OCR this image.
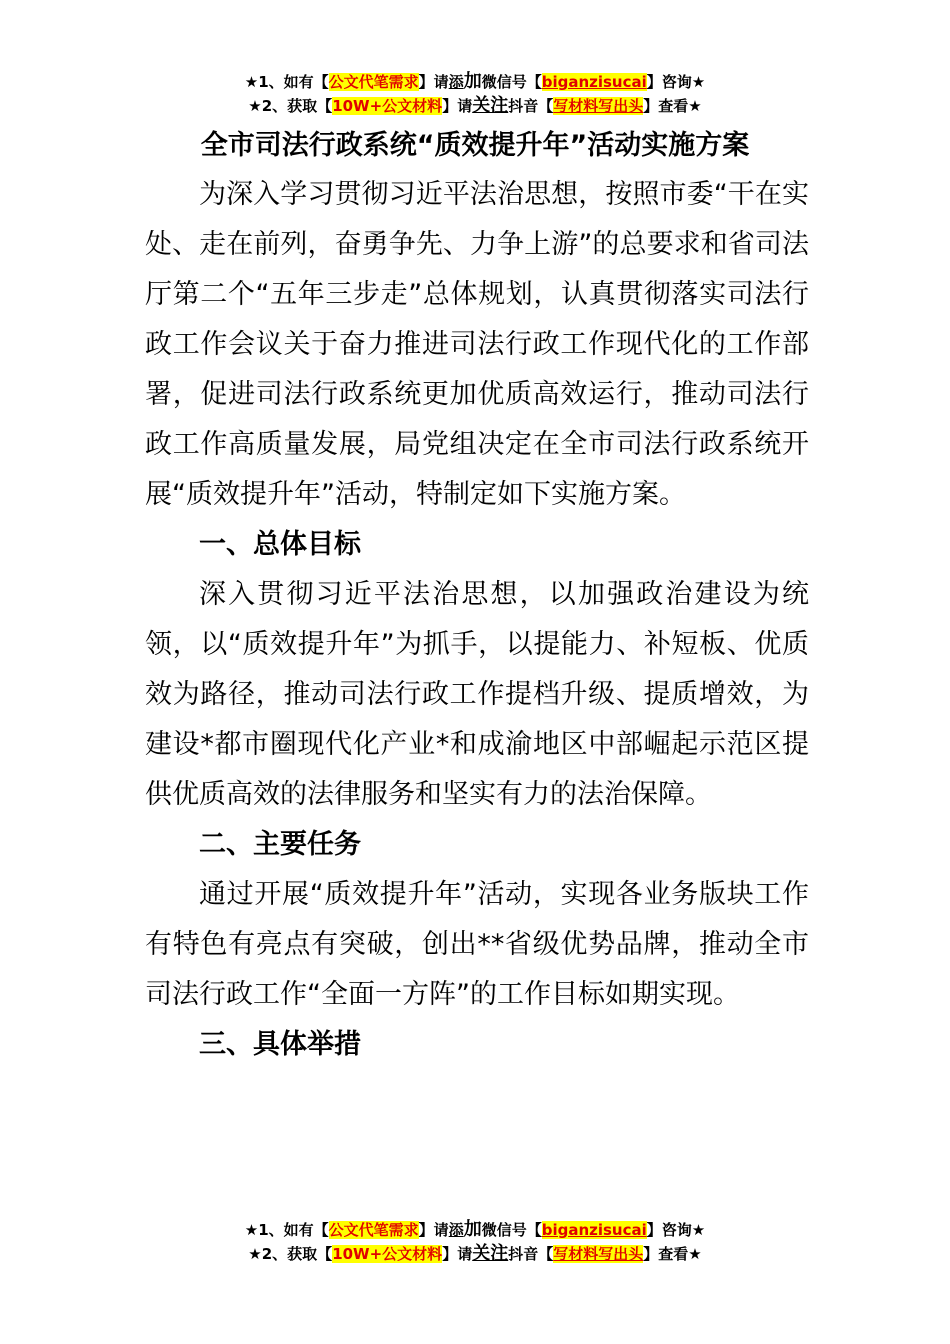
★1、如有【公文代笔需求】请添加微信号【biganzisucai】咨询★
★2、获取【10W+公文材料】请关注抖音【写材料写出头】查看★
全市司法行政系统“质效提升年”活动实施方案

为深入学习贯彻习近平法治思想，按照市委“干在实处、走在前列，奋勇争先、力争上游”的总要求和省司法厅第二个“五年三步走”总体规划，认真贯彻落实司法行政工作会议关于奋力推进司法行政工作现代化的工作部署，促进司法行政系统更加优质高效运行，推动司法行政工作高质量发展，局党组决定在全市司法行政系统开展“质效提升年”活动，特制定如下实施方案。

一、总体目标

深入贯彻习近平法治思想，以加强政治建设为统领，以“质效提升年”为抓手，以提能力、补短板、优质效为路径，推动司法行政工作提档升级、提质增效，为建设*都市圈现代化产业*和成渝地区中部崛起示范区提供优质高效的法律服务和坚实有力的法治保障。

二、主要任务

通过开展“质效提升年”活动，实现各业务版块工作有特色有亮点有突破，创出**省级优势品牌，推动全市司法行政工作“全面一方阵”的工作目标如期实现。

三、具体举措
★1、如有【公文代笔需求】请添加微信号【biganzisucai】咨询★
★2、获取【10W+公文材料】请关注抖音【写材料写出头】查看★
